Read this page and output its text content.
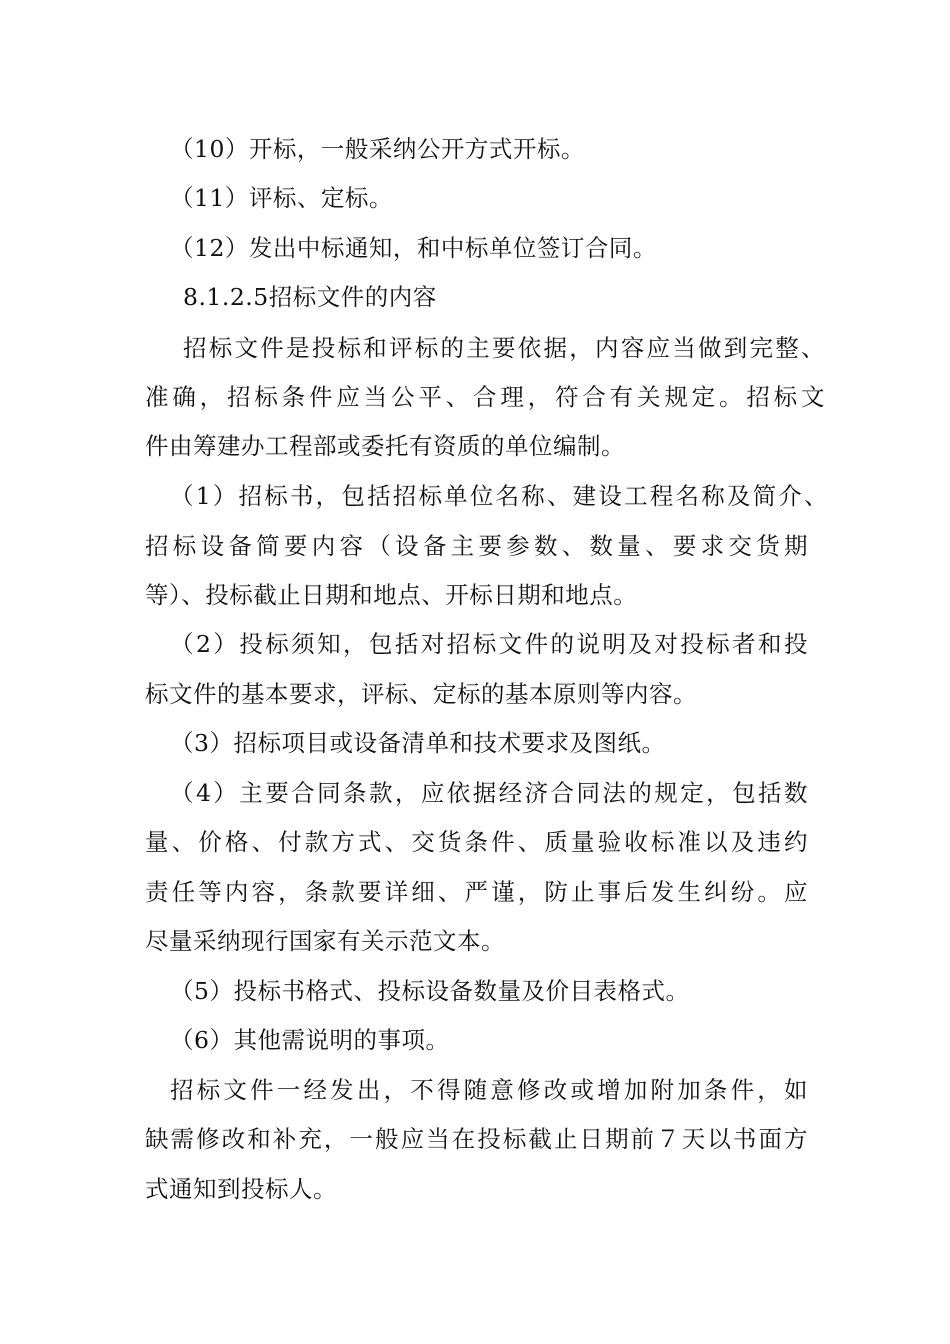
（10）开标，一般采纳公开方式开标。
（11）评标、定标。
（12）发出中标通知，和中标单位签订合同。
8.1.2.5招标文件的内容
招标文件是投标和评标的主要依据，内容应当做到完整、
准确，招标条件应当公平、合理，符合有关规定。招标文
件由筹建办工程部或委托有资质的单位编制。
（1）招标书，包括招标单位名称、建设工程名称及简介、
招标设备简要内容（设备主要参数、数量、要求交货期
等）、投标截止日期和地点、开标日期和地点。
（2）投标须知，包括对招标文件的说明及对投标者和投
标文件的基本要求，评标、定标的基本原则等内容。
（3）招标项目或设备清单和技术要求及图纸。
（4）主要合同条款，应依据经济合同法的规定，包括数
量、价格、付款方式、交货条件、质量验收标准以及违约
责任等内容，条款要详细、严谨，防止事后发生纠纷。应
尽量采纳现行国家有关示范文本。
（5）投标书格式、投标设备数量及价目表格式。
（6）其他需说明的事项。
招标文件一经发出，不得随意修改或增加附加条件，如
缺需修改和补充，一般应当在投标截止日期前７天以书面方
式通知到投标人。
